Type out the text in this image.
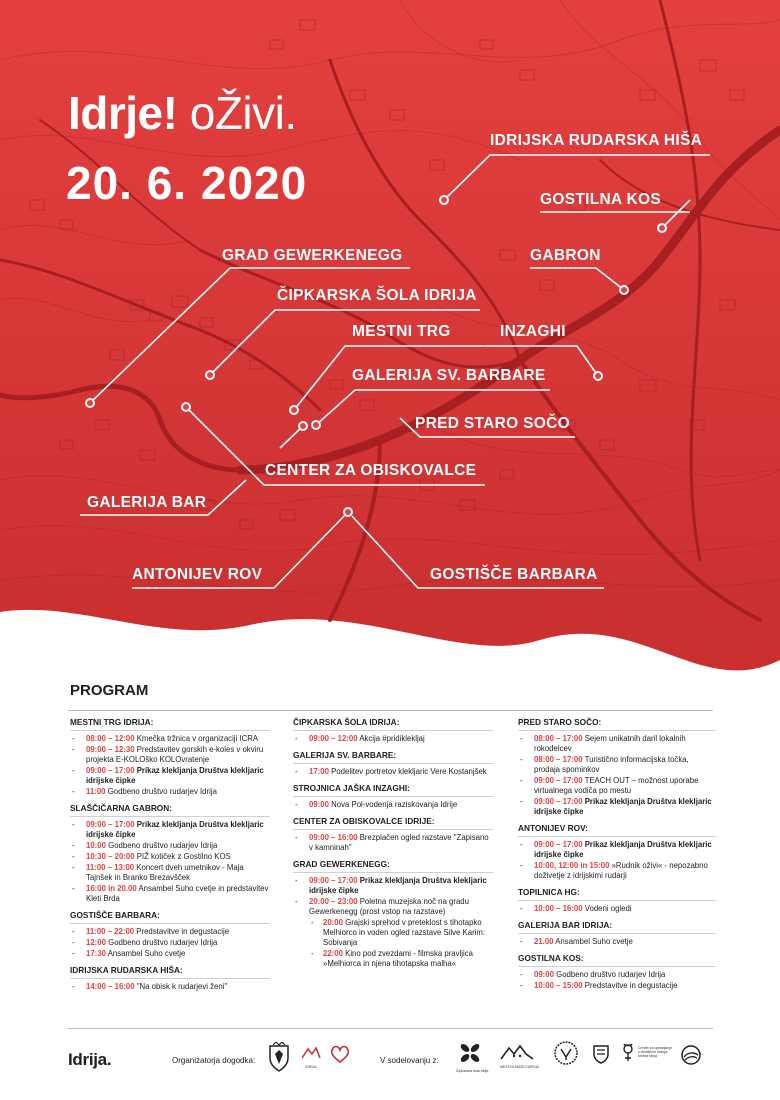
Idrje! oŽivi.
20. 6. 2020
IDRIJSKA RUDARSKA HIŠA
GOSTILNA KOS
GRAD GEWERKENEGG	GABRON
ČIPKARSKA ŠOLA IDRIJA
MESTNI TRG	INZAGHI
GALERIJA SV. BARBARE
PRED STARO SOČO
CENTER ZA OBISKOVALCE
GALERIJA BAR
ANTONIJEV ROV	GOSTIŠČE BARBARA
PROGRAM
MESTNI TRG IDRIJA:
- 08:00 – 12:00 Kmečka tržnica v organizaciji ICRA
- 09:00 – 12:30 Predstavitev gorskih e-koles v okviru projekta E-KOLOško KOLOvratenje
- 09:00 – 17:00 Prikaz klekljanja Društva klekljaric idrijske čipke
- 11:00 Godbeno društvo rudarjev Idrija
SLAŠČIČARNA GABRON:
- 09:00 – 17:00 Prikaz klekljanja Društva klekljaric idrijske čipke
- 10:00 Godbeno društvo rudarjev Idrija
- 10:30 – 20:00 PIŽ kotiček z Gostilno KOS
- 11:00 – 13:00 Koncert dveh umetnikov - Maja Tajnšek in Branko Brezavšček
- 16:00 in 20.00 Ansambel Suho cvetje in predstavitev Kleti Brda
GOSTIŠČE BARBARA:
- 11:00 – 22:00 Predstavitve in degustacije
- 12:00 Godbeno društvo rudarjev Idrija
- 17:30 Ansambel Suho cvetje
IDRIJSKA RUDARSKA HIŠA:
- 14:00 – 16:00 "Na obisk k rudarjevi ženi"
ČIPKARSKA ŠOLA IDRIJA:
- 09:00 – 12:00 Akcija #pridiklekljaj
GALERIJA SV. BARBARE:
- 17:00 Podelitev portretov klekljaric Vere Kostanjšek
STROJNICA JAŠKA INZAGHI:
- 09:00 Nova Pol-vodenja raziskovanja Idrije
CENTER ZA OBISKOVALCE IDRIJE:
- 09:00 – 16:00 Brezplačen ogled razstave "Zapisano v kamninah"
GRAD GEWERKENEGG:
- 09:00 – 17:00 Prikaz klekljanja Društva klekljaric idrijske čipke
- 20:00 – 23:00 Poletna muzejska noč na gradu Gewerkenegg (prost vstop na razstave)
- 20:00 Grajski sprehod v preteklost s tihotapko Melhiorco in voden ogled razstave Silve Karim: Sobivanja
- 22:00 Kino pod zvezdami - filmska pravljica »Melhiorca in njena tihotapska malha«
PRED STARO SOČO:
- 08:00 – 17:00 Sejem unikatnih daril lokalnih rokodelcev
- 08:00 – 17:00 Turistično informacijska točka, prodaja spominkov
- 09:00 – 17:00 TEACH OUT – možnost uporabe virtualnega vodiča po mestu
- 09:00 – 17:00 Prikaz klekljanja Društva klekljaric idrijske čipke
ANTONIJEV ROV:
- 09:00 – 17:00 Prikaz klekljanja Društva klekljaric idrijske čipke
- 10:00, 12:00 in 15:00 »Rudnik oživi« - nepozabno doživetje z idrijskimi rudarji
TOPILNICA HG:
- 10:00 – 16:00 Vodeni ogledi
GALERIJA BAR IDRIJA:
- 21.00 Ansambel Suho cvetje
GOSTILNA KOS:
- 09:00 Godbeno društvo rudarjev Idrija
- 10:00 – 15:00 Predstavitve in degustacije
Idrija.	Organizatorja dogodka:
IDRIJA
V sodelovanju z:
Čipkarska šola Idrija
MESTNI MUZEJ IDRIJA
Center za upravljanje z dediščino živega srebra Idrija
